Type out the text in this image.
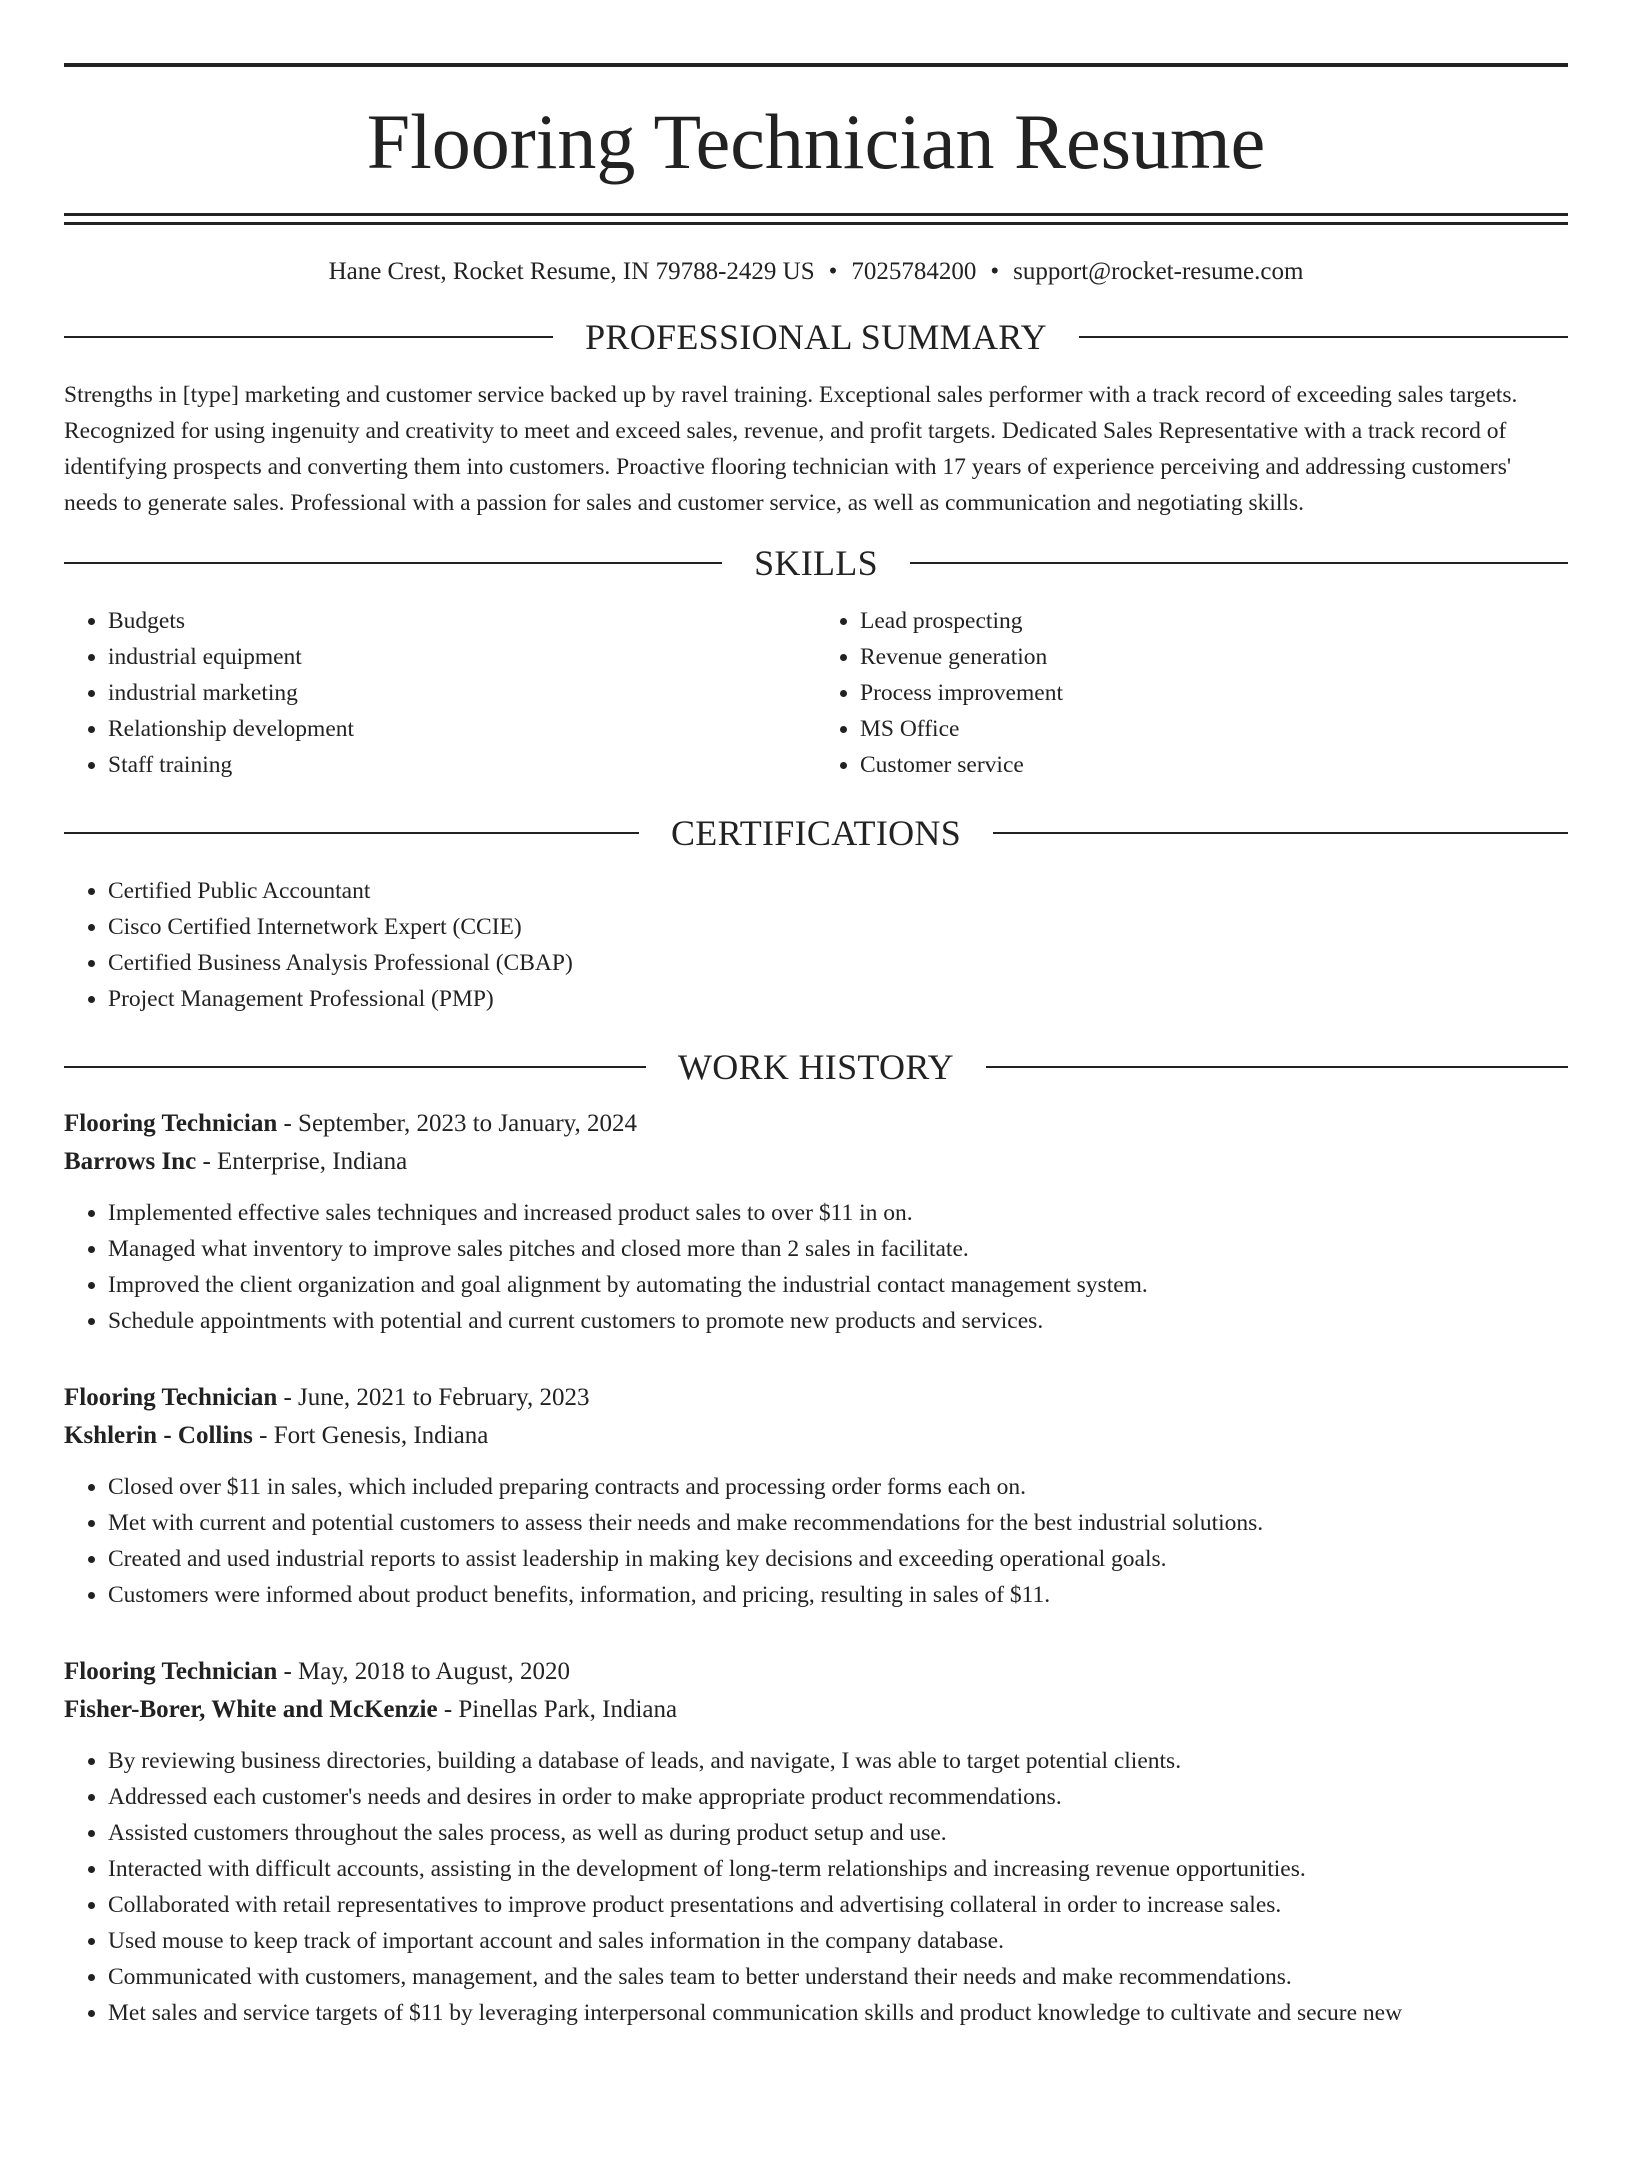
Flooring Technician Resume
Hane Crest, Rocket Resume, IN 79788-2429 US • 7025784200 • support@rocket-resume.com
PROFESSIONAL SUMMARY

Strengths in [type] marketing and customer service backed up by ravel training. Exceptional sales performer with a track record of exceeding sales targets. Recognized for using ingenuity and creativity to meet and exceed sales, revenue, and profit targets. Dedicated Sales Representative with a track record of identifying prospects and converting them into customers. Proactive flooring technician with 17 years of experience perceiving and addressing customers' needs to generate sales. Professional with a passion for sales and customer service, as well as communication and negotiating skills.

SKILLS
• Budgets
• industrial equipment
• industrial marketing
• Relationship development
• Staff training
• Lead prospecting
• Revenue generation
• Process improvement
• MS Office
• Customer service
CERTIFICATIONS
• Certified Public Accountant
• Cisco Certified Internetwork Expert (CCIE)
• Certified Business Analysis Professional (CBAP)
• Project Management Professional (PMP)
WORK HISTORY
Flooring Technician - September, 2023 to January, 2024
Barrows Inc - Enterprise, Indiana
• Implemented effective sales techniques and increased product sales to over $11 in on.
• Managed what inventory to improve sales pitches and closed more than 2 sales in facilitate.
• Improved the client organization and goal alignment by automating the industrial contact management system.
• Schedule appointments with potential and current customers to promote new products and services.
Flooring Technician - June, 2021 to February, 2023
Kshlerin - Collins - Fort Genesis, Indiana
• Closed over $11 in sales, which included preparing contracts and processing order forms each on.
• Met with current and potential customers to assess their needs and make recommendations for the best industrial solutions.
• Created and used industrial reports to assist leadership in making key decisions and exceeding operational goals.
• Customers were informed about product benefits, information, and pricing, resulting in sales of $11.
Flooring Technician - May, 2018 to August, 2020
Fisher-Borer, White and McKenzie - Pinellas Park, Indiana
• By reviewing business directories, building a database of leads, and navigate, I was able to target potential clients.
• Addressed each customer's needs and desires in order to make appropriate product recommendations.
• Assisted customers throughout the sales process, as well as during product setup and use.
• Interacted with difficult accounts, assisting in the development of long-term relationships and increasing revenue opportunities.
• Collaborated with retail representatives to improve product presentations and advertising collateral in order to increase sales.
• Used mouse to keep track of important account and sales information in the company database.
• Communicated with customers, management, and the sales team to better understand their needs and make recommendations.
• Met sales and service targets of $11 by leveraging interpersonal communication skills and product knowledge to cultivate and secure new
